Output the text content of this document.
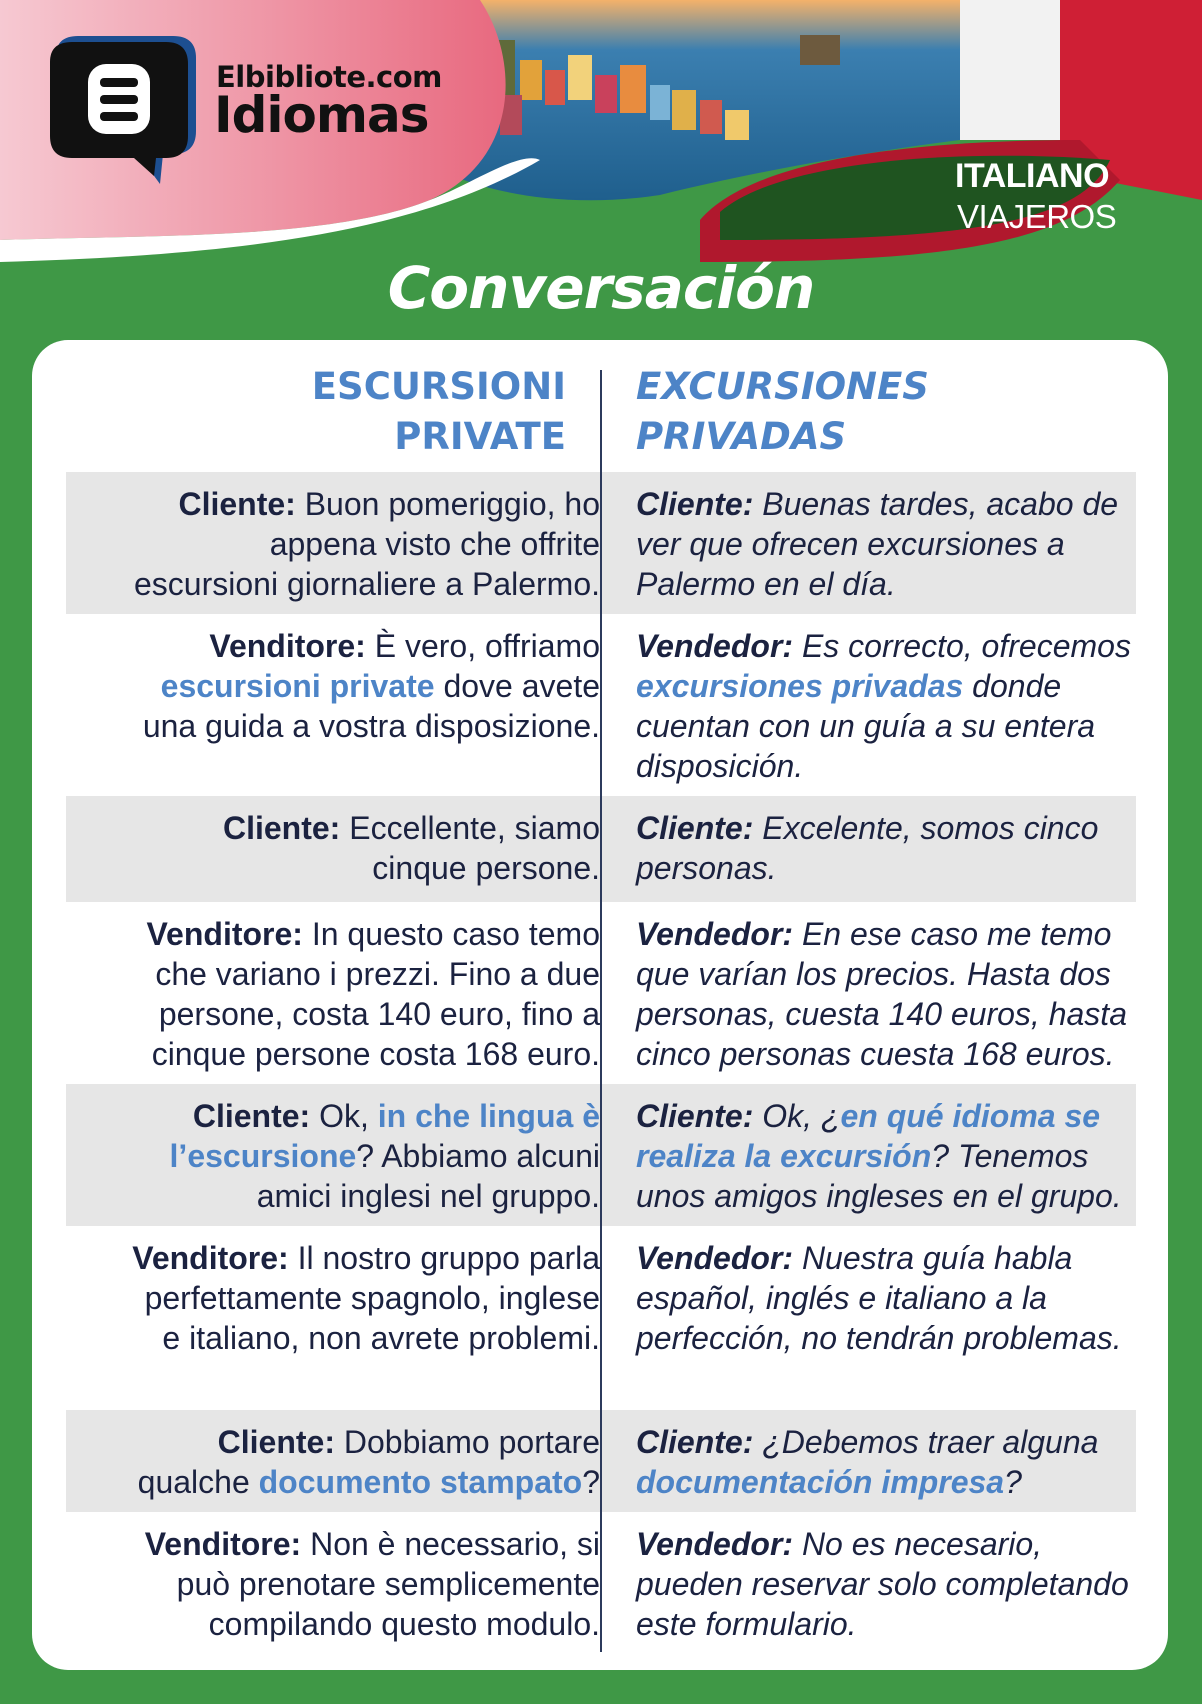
Elbibliote.com
Idiomas
ITALIANO
VIAJEROS
Conversación
ESCURSIONI
PRIVATE
EXCURSIONES
PRIVADAS
Cliente: Buon pomeriggio, ho appena visto che offrite escursioni giornaliere a Palermo.
Cliente: Buenas tardes, acabo de ver que ofrecen excursiones a Palermo en el día.
Venditore: È vero, offriamo escursioni private dove avete una guida a vostra disposizione.
Vendedor: Es correcto, ofrecemos excursiones privadas donde cuentan con un guía a su entera disposición.
Cliente: Eccellente, siamo cinque persone.
Cliente: Excelente, somos cinco personas.
Venditore: In questo caso temo che variano i prezzi. Fino a due persone, costa 140 euro, fino a cinque persone costa 168 euro.
Vendedor: En ese caso me temo que varían los precios. Hasta dos personas, cuesta 140 euros, hasta cinco personas cuesta 168 euros.
Cliente: Ok, in che lingua è l’escursione? Abbiamo alcuni amici inglesi nel gruppo.
Cliente: Ok, ¿en qué idioma se realiza la excursión? Tenemos unos amigos ingleses en el grupo.
Venditore: Il nostro gruppo parla perfettamente spagnolo, inglese e italiano, non avrete problemi.
Vendedor: Nuestra guía habla español, inglés e italiano a la perfección, no tendrán problemas.
Cliente: Dobbiamo portare qualche documento stampato?
Cliente: ¿Debemos traer alguna documentación impresa?
Venditore: Non è necessario, si può prenotare semplicemente compilando questo modulo.
Vendedor: No es necesario, pueden reservar solo completando este formulario.
